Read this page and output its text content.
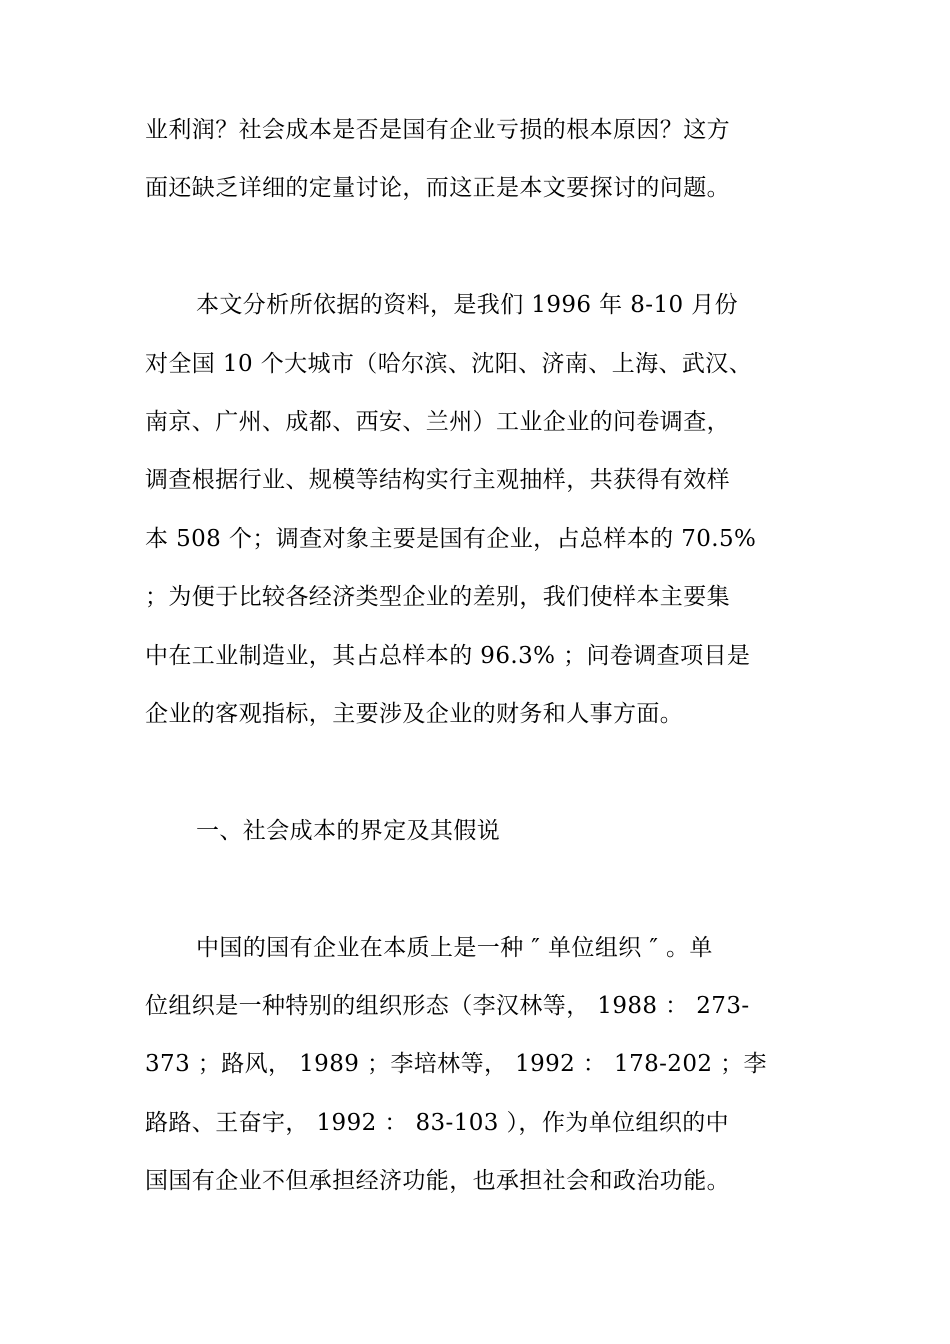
业利润？社会成本是否是国有企业亏损的根本原因？这方
面还缺乏详细的定量讨论，而这正是本文要探讨的问题。
本文分析所依据的资料，是我们 1996 年 8-10 月份
对全国 10 个大城市（哈尔滨、沈阳、济南、上海、武汉、
南京、广州、成都、西安、兰州）工业企业的问卷调查，
调查根据行业、规模等结构实行主观抽样，共获得有效样
本 508 个；调查对象主要是国有企业，占总样本的 70.5%
；为便于比较各经济类型企业的差别，我们使样本主要集
中在工业制造业，其占总样本的 96.3% ；问卷调查项目是
企业的客观指标，主要涉及企业的财务和人事方面。
一、社会成本的界定及其假说
中国的国有企业在本质上是一种 ″ 单位组织 ″ 。单
位组织是一种特别的组织形态（李汉林等， 1988 ： 273-
373 ；路风， 1989 ；李培林等， 1992 ： 178-202 ；李
路路、王奋宇， 1992 ： 83-103 ），作为单位组织的中
国国有企业不但承担经济功能，也承担社会和政治功能。
